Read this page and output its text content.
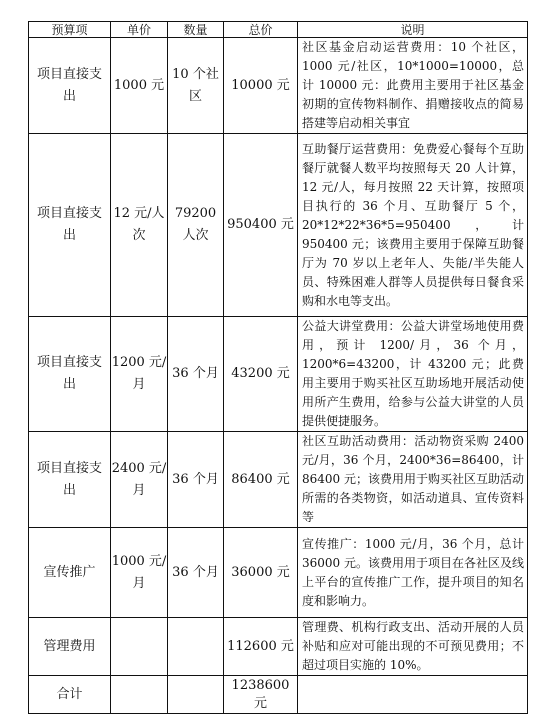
预算项	单价	数量	总价	说明
项目直接支出	1000 元	10 个社区	10000 元	社区基金启动运营费用：10 个社区，1000 元/社区，10*1000=10000，总计 10000 元：此费用主要用于社区基金初期的宣传物料制作、捐赠接收点的简易搭建等启动相关事宜
项目直接支出	12 元/人次	79200 人次	950400 元	互助餐厅运营费用：免费爱心餐每个互助餐厅就餐人数平均按照每天 20 人计算，12 元/人，每月按照 22 天计算，按照项目执行的 36 个月、互助餐厅 5 个，20*12*22*36*5=950400，计 950400 元；该费用主要用于保障互助餐厅为 70 岁以上老年人、失能/半失能人员、特殊困难人群等人员提供每日餐食采购和水电等支出。
项目直接支出	1200 元/月	36 个月	43200 元	公益大讲堂费用：公益大讲堂场地使用费用，预计 1200/月，36 个月，1200*6=43200，计 43200 元；此费用主要用于购买社区互助场地开展活动使用所产生费用，给参与公益大讲堂的人员提供便捷服务。
项目直接支出	2400 元/月	36 个月	86400 元	社区互助活动费用：活动物资采购 2400 元/月，36 个月，2400*36=86400，计 86400 元；该费用用于购买社区互助活动所需的各类物资，如活动道具、宣传资料等
宣传推广	1000 元/月	36 个月	36000 元	宣传推广：1000 元/月，36 个月，总计 36000 元。该费用用于项目在各社区及线上平台的宣传推广工作，提升项目的知名度和影响力。
管理费用			112600 元	管理费、机构行政支出、活动开展的人员补贴和应对可能出现的不可预见费用；不超过项目实施的 10%。
合计			1238600 元	
